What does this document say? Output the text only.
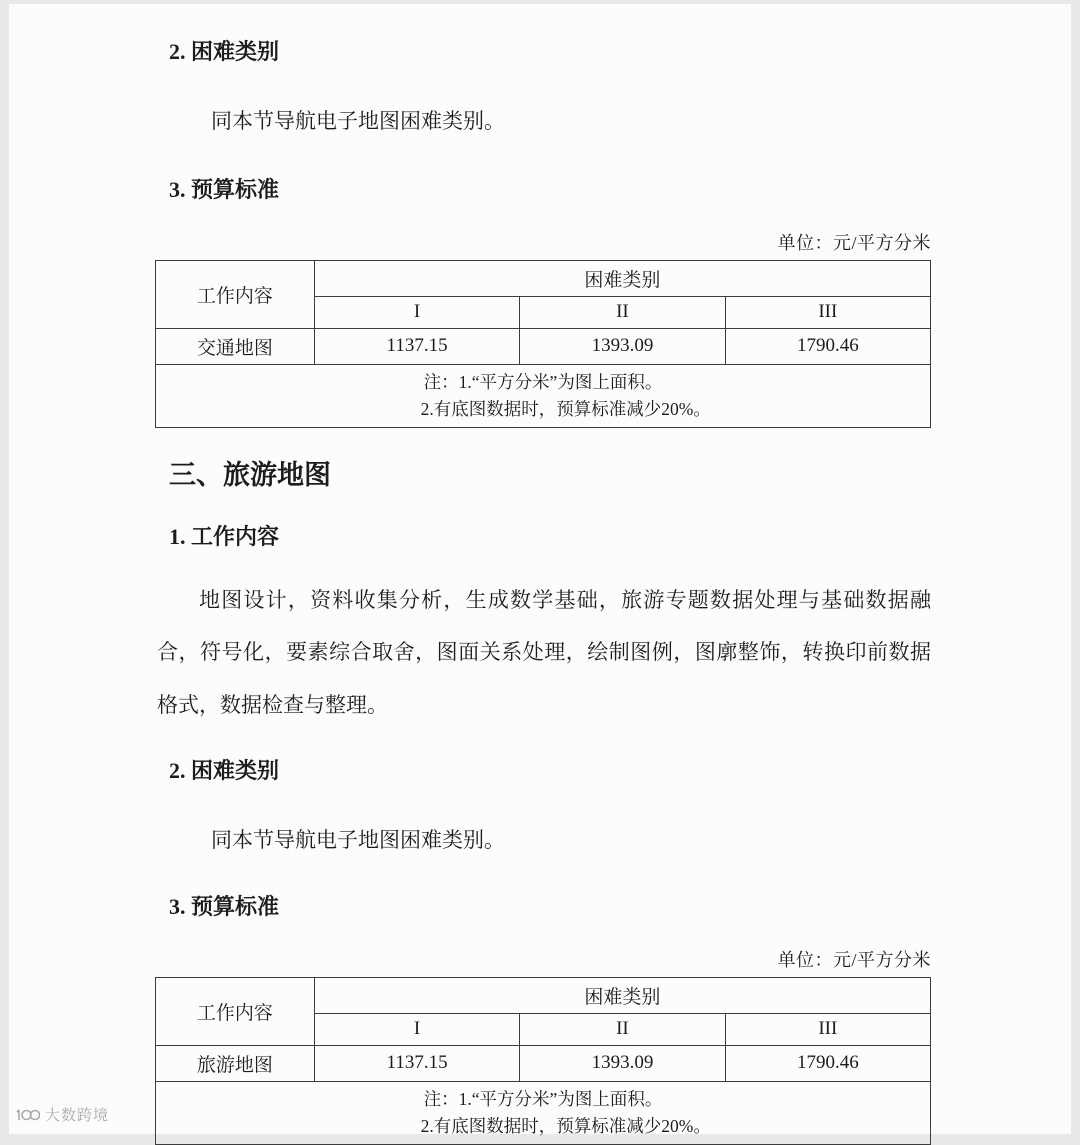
2. 困难类别

同本节导航电子地图困难类别。

3. 预算标准
单位：元/平方分米
工作内容	困难类别		
	I	II	III
交通地图	1137.15	1393.09	1790.46

注：1.“平方分米”为图上面积。
2.有底图数据时，预算标准减少20%。			
三、旅游地图
1. 工作内容

地图设计，资料收集分析，生成数学基础，旅游专题数据处理与基础数据融合，符号化，要素综合取舍，图面关系处理，绘制图例，图廓整饰，转换印前数据格式，数据检查与整理。

2. 困难类别

同本节导航电子地图困难类别。

3. 预算标准
单位：元/平方分米
工作内容	困难类别		
	I	II	III
旅游地图	1137.15	1393.09	1790.46

注：1.“平方分米”为图上面积。
2.有底图数据时，预算标准减少20%。			
大数跨境
